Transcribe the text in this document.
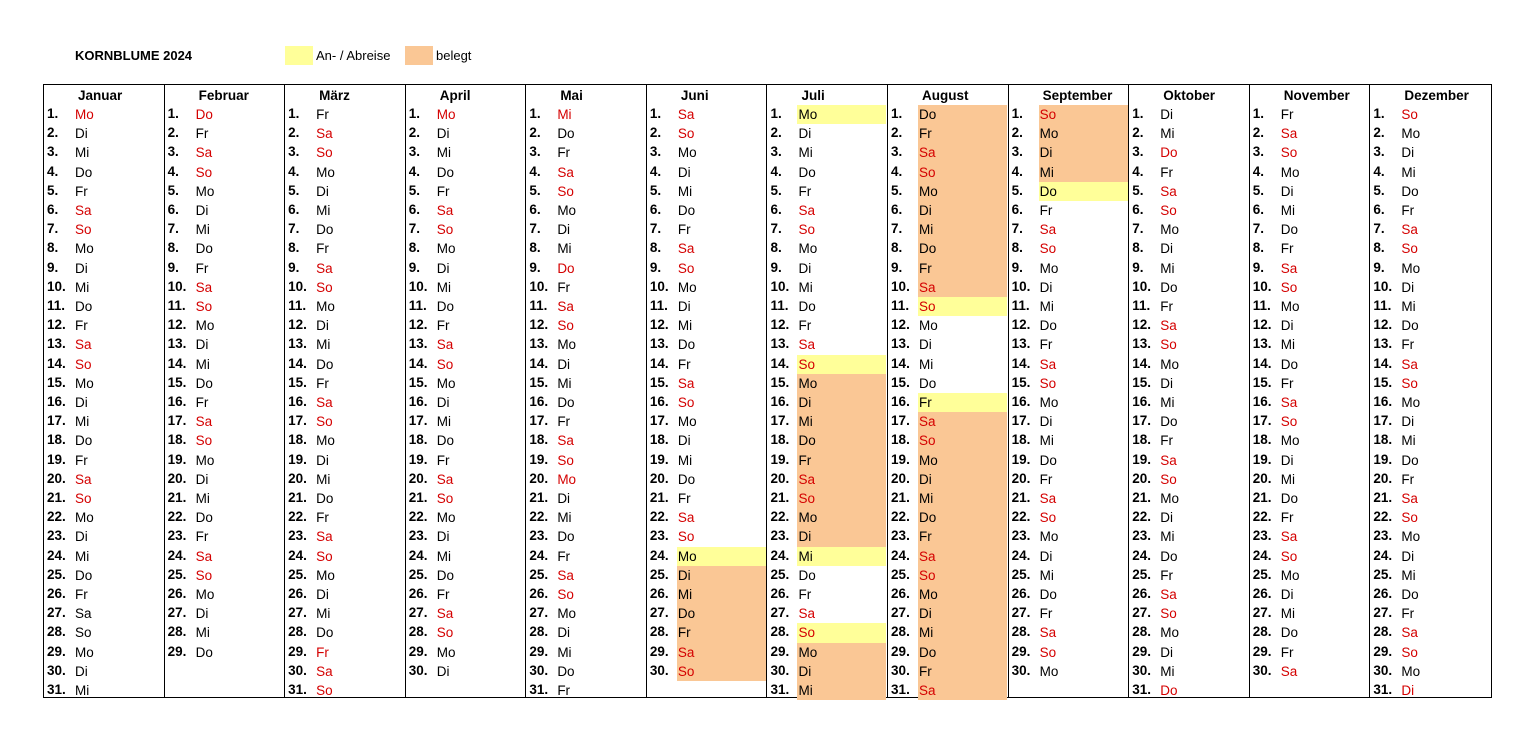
KORNBLUME 2024	An- / Abreise	belegt
Januar
1. Mo
2. Di
3. Mi
4. Do
5. Fr
6. Sa
7. So
8. Mo
9. Di
10. Mi
11. Do
12. Fr
13. Sa
14. So
15. Mo
16. Di
17. Mi
18. Do
19. Fr
20. Sa
21. So
22. Mo
23. Di
24. Mi
25. Do
26. Fr
27. Sa
28. So
29. Mo
30. Di
31. Mi
Februar
1. Do
2. Fr
3. Sa
4. So
5. Mo
6. Di
7. Mi
8. Do
9. Fr
10. Sa
11. So
12. Mo
13. Di
14. Mi
15. Do
16. Fr
17. Sa
18. So
19. Mo
20. Di
21. Mi
22. Do
23. Fr
24. Sa
25. So
26. Mo
27. Di
28. Mi
29. Do
März
1. Fr
2. Sa
3. So
4. Mo
5. Di
6. Mi
7. Do
8. Fr
9. Sa
10. So
11. Mo
12. Di
13. Mi
14. Do
15. Fr
16. Sa
17. So
18. Mo
19. Di
20. Mi
21. Do
22. Fr
23. Sa
24. So
25. Mo
26. Di
27. Mi
28. Do
29. Fr
30. Sa
31. So
April
1. Mo
2. Di
3. Mi
4. Do
5. Fr
6. Sa
7. So
8. Mo
9. Di
10. Mi
11. Do
12. Fr
13. Sa
14. So
15. Mo
16. Di
17. Mi
18. Do
19. Fr
20. Sa
21. So
22. Mo
23. Di
24. Mi
25. Do
26. Fr
27. Sa
28. So
29. Mo
30. Di
Mai
1. Mi
2. Do
3. Fr
4. Sa
5. So
6. Mo
7. Di
8. Mi
9. Do
10. Fr
11. Sa
12. So
13. Mo
14. Di
15. Mi
16. Do
17. Fr
18. Sa
19. So
20. Mo
21. Di
22. Mi
23. Do
24. Fr
25. Sa
26. So
27. Mo
28. Di
29. Mi
30. Do
31. Fr
Juni
1. Sa
2. So
3. Mo
4. Di
5. Mi
6. Do
7. Fr
8. Sa
9. So
10. Mo
11. Di
12. Mi
13. Do
14. Fr
15. Sa
16. So
17. Mo
18. Di
19. Mi
20. Do
21. Fr
22. Sa
23. So
24. Mo
25. Di
26. Mi
27. Do
28. Fr
29. Sa
30. So
Juli
1. Mo
2. Di
3. Mi
4. Do
5. Fr
6. Sa
7. So
8. Mo
9. Di
10. Mi
11. Do
12. Fr
13. Sa
14. So
15. Mo
16. Di
17. Mi
18. Do
19. Fr
20. Sa
21. So
22. Mo
23. Di
24. Mi
25. Do
26. Fr
27. Sa
28. So
29. Mo
30. Di
31. Mi
August
1. Do
2. Fr
3. Sa
4. So
5. Mo
6. Di
7. Mi
8. Do
9. Fr
10. Sa
11. So
12. Mo
13. Di
14. Mi
15. Do
16. Fr
17. Sa
18. So
19. Mo
20. Di
21. Mi
22. Do
23. Fr
24. Sa
25. So
26. Mo
27. Di
28. Mi
29. Do
30. Fr
31. Sa
September
1. So
2. Mo
3. Di
4. Mi
5. Do
6. Fr
7. Sa
8. So
9. Mo
10. Di
11. Mi
12. Do
13. Fr
14. Sa
15. So
16. Mo
17. Di
18. Mi
19. Do
20. Fr
21. Sa
22. So
23. Mo
24. Di
25. Mi
26. Do
27. Fr
28. Sa
29. So
30. Mo
Oktober
1. Di
2. Mi
3. Do
4. Fr
5. Sa
6. So
7. Mo
8. Di
9. Mi
10. Do
11. Fr
12. Sa
13. So
14. Mo
15. Di
16. Mi
17. Do
18. Fr
19. Sa
20. So
21. Mo
22. Di
23. Mi
24. Do
25. Fr
26. Sa
27. So
28. Mo
29. Di
30. Mi
31. Do
November
1. Fr
2. Sa
3. So
4. Mo
5. Di
6. Mi
7. Do
8. Fr
9. Sa
10. So
11. Mo
12. Di
13. Mi
14. Do
15. Fr
16. Sa
17. So
18. Mo
19. Di
20. Mi
21. Do
22. Fr
23. Sa
24. So
25. Mo
26. Di
27. Mi
28. Do
29. Fr
30. Sa
Dezember
1. So
2. Mo
3. Di
4. Mi
5. Do
6. Fr
7. Sa
8. So
9. Mo
10. Di
11. Mi
12. Do
13. Fr
14. Sa
15. So
16. Mo
17. Di
18. Mi
19. Do
20. Fr
21. Sa
22. So
23. Mo
24. Di
25. Mi
26. Do
27. Fr
28. Sa
29. So
30. Mo
31. Di
